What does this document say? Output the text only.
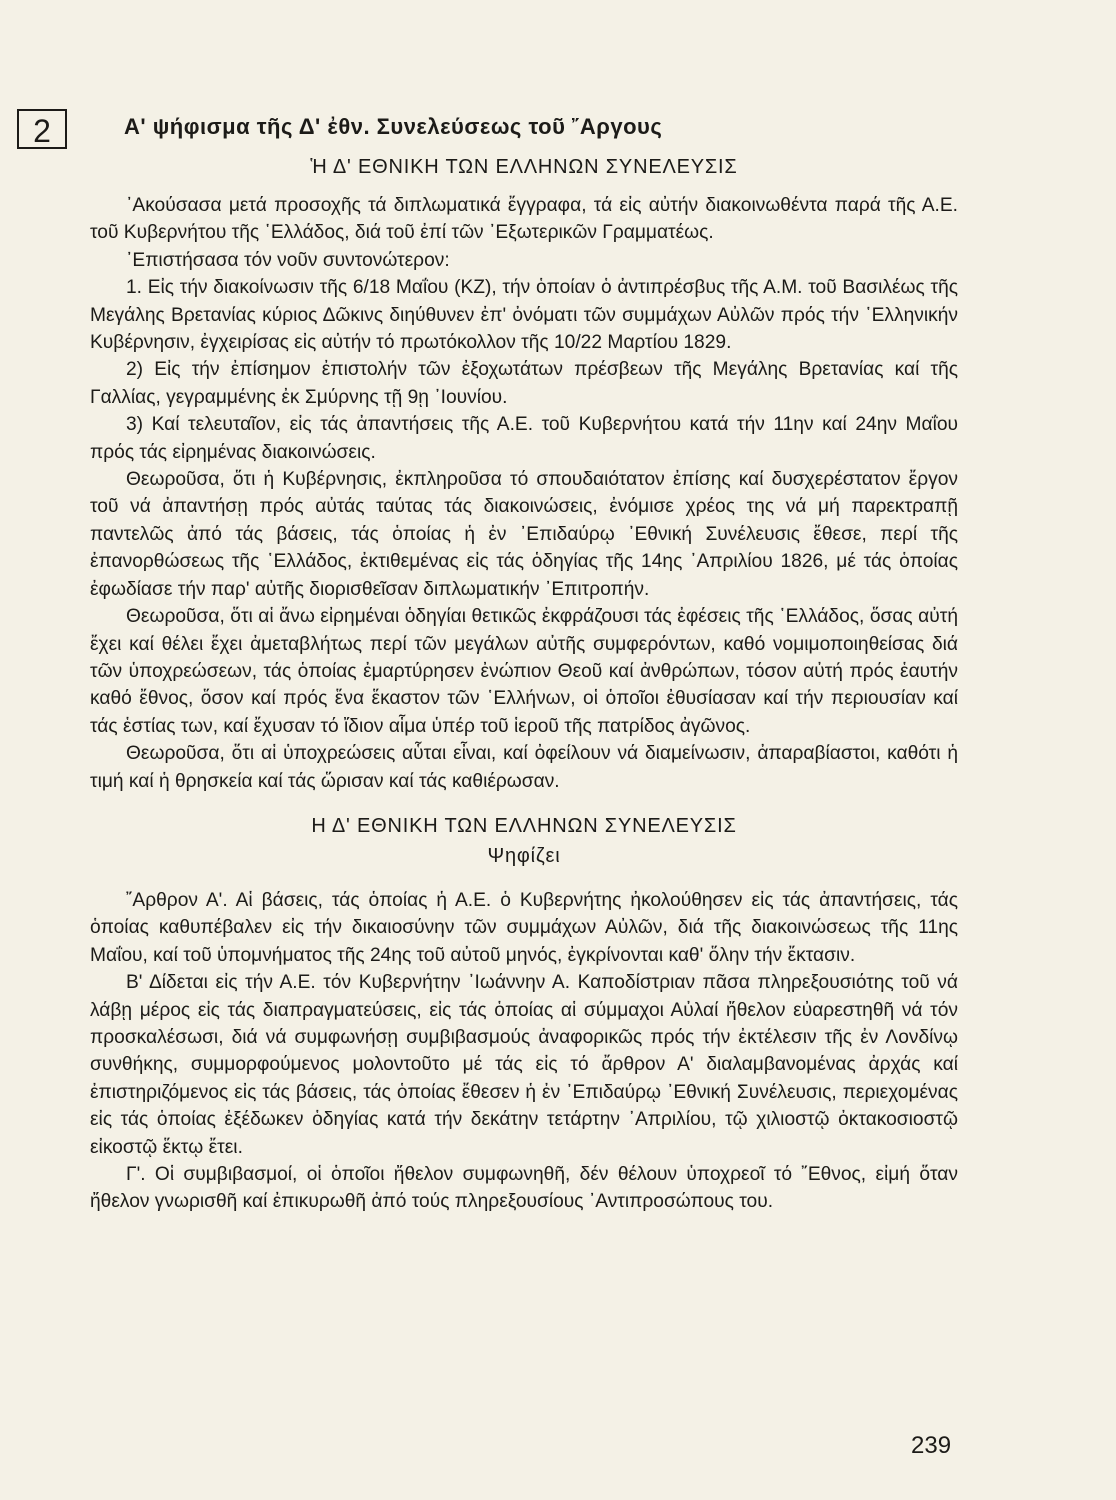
2	Α' ψήφισμα τῆς Δ' ἐθν. Συνελεύσεως τοῦ ῎Αργους

Ἡ Δ' ΕΘΝΙΚΗ ΤΩΝ ΕΛΛΗΝΩΝ ΣΥΝΕΛΕΥΣΙΣ

᾿Ακούσασα μετά προσοχῆς τά διπλωματικά ἔγγραφα, τά εἰς αὐτήν διακοινωθέντα παρά τῆς Α.Ε. τοῦ Κυβερνήτου τῆς ῾Ελλάδος, διά τοῦ ἐπί τῶν ᾿Εξωτερικῶν Γραμματέως.

᾿Επιστήσασα τόν νοῦν συντονώτερον:

1. Εἰς τήν διακοίνωσιν τῆς 6/18 Μαΐου (ΚΖ), τήν ὁποίαν ὁ ἀντιπρέσβυς τῆς Α.Μ. τοῦ Βασιλέως τῆς Μεγάλης Βρετανίας κύριος Δῶκινς διηύθυνεν ἐπ' ὀνόματι τῶν συμμάχων Αὐλῶν πρός τήν ῾Ελληνικήν Κυβέρνησιν, ἐγχειρίσας εἰς αὐτήν τό πρωτόκολλον τῆς 10/22 Μαρτίου 1829.

2) Εἰς τήν ἐπίσημον ἐπιστολήν τῶν ἐξοχωτάτων πρέσβεων τῆς Μεγάλης Βρετανίας καί τῆς Γαλλίας, γεγραμμένης ἐκ Σμύρνης τῇ 9ῃ ᾿Ιουνίου.

3) Καί τελευταῖον, εἰς τάς ἀπαντήσεις τῆς Α.Ε. τοῦ Κυβερνήτου κατά τήν 11ην καί 24ην Μαΐου πρός τάς εἰρημένας διακοινώσεις.

Θεωροῦσα, ὅτι ἡ Κυβέρνησις, ἐκπληροῦσα τό σπουδαιότατον ἐπίσης καί δυσχερέστατον ἔργον τοῦ νά ἀπαντήσῃ πρός αὐτάς ταύτας τάς διακοινώσεις, ἐνόμισε χρέος της νά μή παρεκτραπῇ παντελῶς ἀπό τάς βάσεις, τάς ὁποίας ἡ ἐν ᾿Επιδαύρῳ ᾿Εθνική Συνέλευσις ἔθεσε, περί τῆς ἐπανορθώσεως τῆς ῾Ελλάδος, ἐκτιθεμένας εἰς τάς ὁδηγίας τῆς 14ης ᾿Απριλίου 1826, μέ τάς ὁποίας ἐφωδίασε τήν παρ' αὐτῆς διορισθεῖσαν διπλωματικήν ᾿Επιτροπήν.

Θεωροῦσα, ὅτι αἱ ἄνω εἰρημέναι ὁδηγίαι θετικῶς ἐκφράζουσι τάς ἐφέσεις τῆς ῾Ελλάδος, ὅσας αὐτή ἔχει καί θέλει ἔχει ἀμεταβλήτως περί τῶν μεγάλων αὐτῆς συμφερόντων, καθό νομιμοποιηθείσας διά τῶν ὑποχρεώσεων, τάς ὁποίας ἐμαρτύρησεν ἐνώπιον Θεοῦ καί ἀνθρώπων, τόσον αὐτή πρός ἑαυτήν καθό ἔθνος, ὅσον καί πρός ἕνα ἕκαστον τῶν ῾Ελλήνων, οἱ ὁποῖοι ἐθυσίασαν καί τήν περιουσίαν καί τάς ἑστίας των, καί ἔχυσαν τό ἴδιον αἷμα ὑπέρ τοῦ ἱεροῦ τῆς πατρίδος ἀγῶνος.

Θεωροῦσα, ὅτι αἱ ὑποχρεώσεις αὗται εἶναι, καί ὀφείλουν νά διαμείνωσιν, ἀπαραβίαστοι, καθότι ἡ τιμή καί ἡ θρησκεία καί τάς ὥρισαν καί τάς καθιέρωσαν.

Η Δ' ΕΘΝΙΚΗ ΤΩΝ ΕΛΛΗΝΩΝ ΣΥΝΕΛΕΥΣΙΣ

Ψηφίζει

῎Αρθρον Α'. Αἱ βάσεις, τάς ὁποίας ἡ Α.Ε. ὁ Κυβερνήτης ἠκολούθησεν εἰς τάς ἀπαντήσεις, τάς ὁποίας καθυπέβαλεν εἰς τήν δικαιοσύνην τῶν συμμάχων Αὐλῶν, διά τῆς διακοινώσεως τῆς 11ης Μαΐου, καί τοῦ ὑπομνήματος τῆς 24ης τοῦ αὐτοῦ μηνός, ἐγκρίνονται καθ' ὅλην τήν ἔκτασιν.

Β' Δίδεται εἰς τήν Α.Ε. τόν Κυβερνήτην ᾿Ιωάννην Α. Καποδίστριαν πᾶσα πληρεξουσιότης τοῦ νά λάβῃ μέρος εἰς τάς διαπραγματεύσεις, εἰς τάς ὁποίας αἱ σύμμαχοι Αὐλαί ἤθελον εὐαρεστηθῆ νά τόν προσκαλέσωσι, διά νά συμφωνήσῃ συμβιβασμούς ἀναφορικῶς πρός τήν ἐκτέλεσιν τῆς ἐν Λονδίνῳ συνθήκης, συμμορφούμενος μολοντοῦτο μέ τάς εἰς τό ἄρθρον Α' διαλαμβανομένας ἀρχάς καί ἐπιστηριζόμενος εἰς τάς βάσεις, τάς ὁποίας ἔθεσεν ἡ ἐν ᾿Επιδαύρῳ ᾿Εθνική Συνέλευσις, περιεχομένας εἰς τάς ὁποίας ἐξέδωκεν ὁδηγίας κατά τήν δεκάτην τετάρτην ᾿Απριλίου, τῷ χιλιοστῷ ὀκτακοσιοστῷ εἰκοστῷ ἕκτῳ ἔτει.

Γ'. Οἱ συμβιβασμοί, οἱ ὁποῖοι ἤθελον συμφωνηθῆ, δέν θέλουν ὑποχρεοῖ τό ῎Εθνος, εἰμή ὅταν ἤθελον γνωρισθῆ καί ἐπικυρωθῆ ἀπό τούς πληρεξουσίους ᾿Αντιπροσώπους του.

239
